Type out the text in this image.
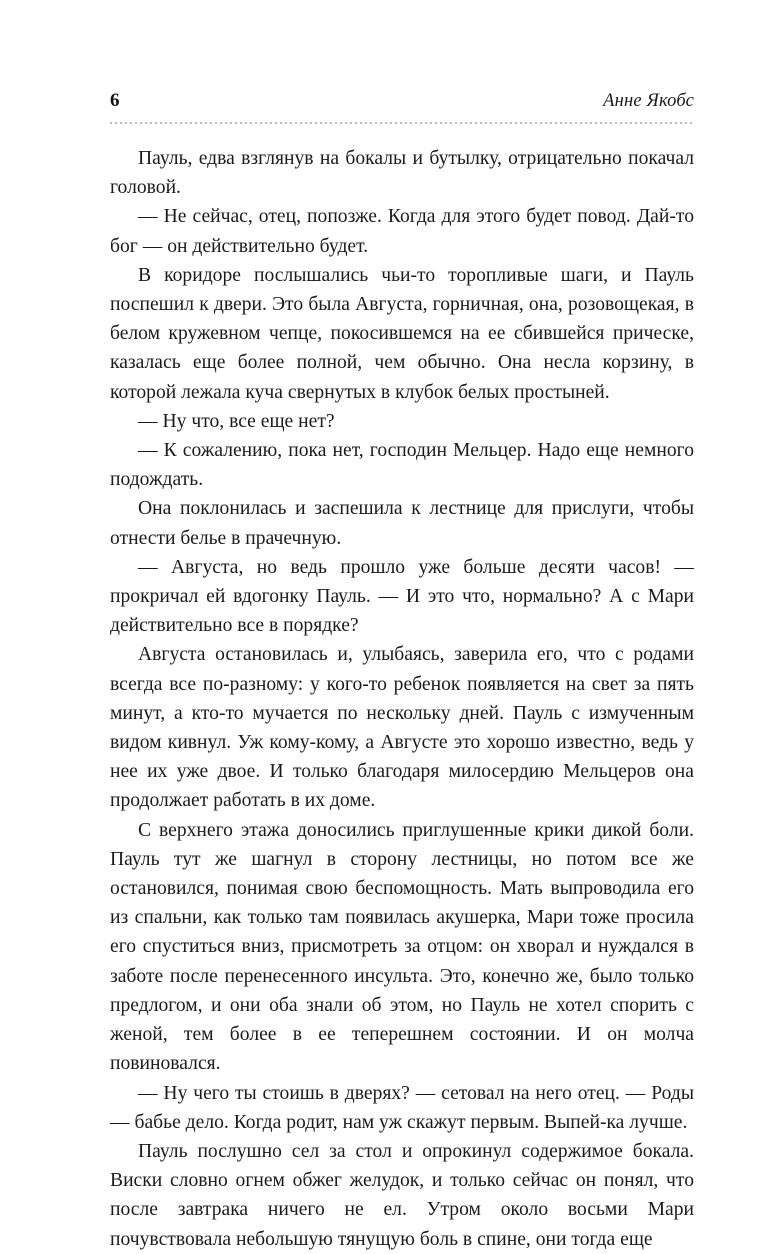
6	Анне Якобс

Пауль, едва взглянув на бокалы и бутылку, отрицательно покачал головой.

— Не сейчас, отец, попозже. Когда для этого будет повод. Дай-то бог — он действительно будет.

В коридоре послышались чьи-то торопливые шаги, и Пауль поспешил к двери. Это была Августа, горничная, она, розовощекая, в белом кружевном чепце, покосившемся на ее сбившейся прическе, казалась еще более полной, чем обычно. Она несла корзину, в которой лежала куча свернутых в клубок белых простыней.

— Ну что, все еще нет?

— К сожалению, пока нет, господин Мельцер. Надо еще немного подождать.

Она поклонилась и заспешила к лестнице для прислуги, чтобы отнести белье в прачечную.

— Августа, но ведь прошло уже больше десяти часов! — прокричал ей вдогонку Пауль. — И это что, нормально? А с Мари действительно все в порядке?

Августа остановилась и, улыбаясь, заверила его, что с родами всегда все по-разному: у кого-то ребенок появляется на свет за пять минут, а кто-то мучается по нескольку дней. Пауль с измученным видом кивнул. Уж кому-кому, а Августе это хорошо известно, ведь у нее их уже двое. И только благодаря милосердию Мельцеров она продолжает работать в их доме.

С верхнего этажа доносились приглушенные крики дикой боли. Пауль тут же шагнул в сторону лестницы, но потом все же остановился, понимая свою беспомощность. Мать выпроводила его из спальни, как только там появилась акушерка, Мари тоже просила его спуститься вниз, присмотреть за отцом: он хворал и нуждался в заботе после перенесенного инсульта. Это, конечно же, было только предлогом, и они оба знали об этом, но Пауль не хотел спорить с женой, тем более в ее теперешнем состоянии. И он молча повиновался.

— Ну чего ты стоишь в дверях? — сетовал на него отец. — Роды — бабье дело. Когда родит, нам уж скажут первым. Выпей-ка лучше.

Пауль послушно сел за стол и опрокинул содержимое бокала. Виски словно огнем обжег желудок, и только сейчас он понял, что после завтрака ничего не ел. Утром около восьми Мари почувствовала небольшую тянущую боль в спине, они тогда еще
